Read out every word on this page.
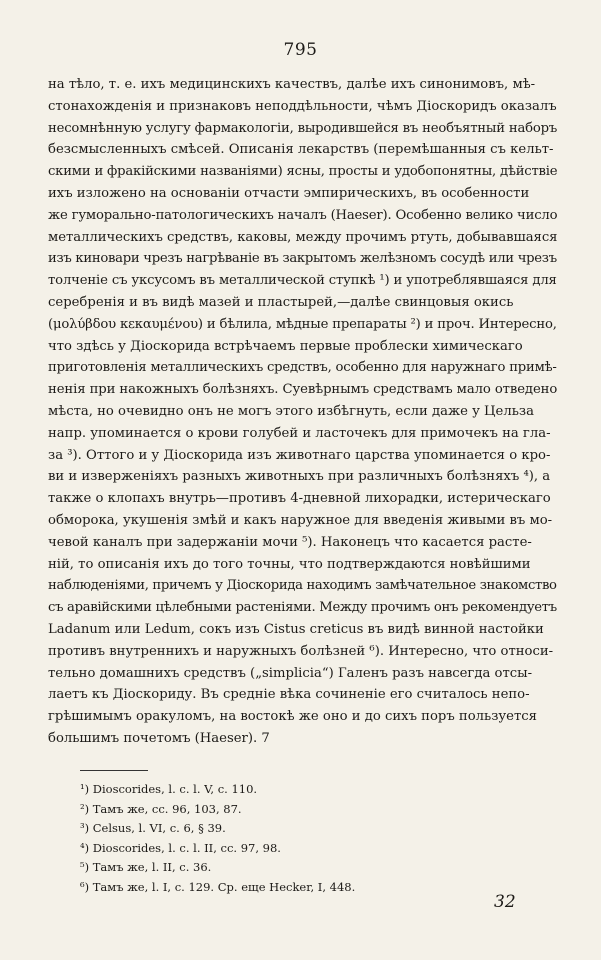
795
на тѣло, т. е. ихъ медицинскихъ качествъ, далѣе ихъ синонимовъ, мѣ-
стонахожденія и признаковъ неподдѣльности, чѣмъ Діоскоридъ оказалъ
несомнѣнную услугу фармакологіи, выродившейся въ необъятный наборъ
безсмысленныхъ смѣсей. Описанія лекарствъ (перемѣшанныя съ кельт-
скими и фракійскими названіями) ясны, просты и удобопонятны, дѣйствіе
ихъ изложено на основаніи отчасти эмпирическихъ, въ особенности
же гуморально-патологическихъ началъ (Haeser). Особенно велико число
металлическихъ средствъ, каковы, между прочимъ ртуть, добывавшаяся
изъ киновари чрезъ нагрѣваніе въ закрытомъ желѣзномъ сосудѣ или чрезъ
толченіе съ уксусомъ въ металлической ступкѣ ¹) и употреблявшаяся для
серебренія и въ видѣ мазей и пластырей,—далѣе свинцовыя окись
(μολύβδου κεκαυμένου) и бѣлила, мѣдные препараты ²) и проч. Интересно,
что здѣсь у Діоскорида встрѣчаемъ первые проблески химическаго
приготовленія металлическихъ средствъ, особенно для наружнаго примѣ-
ненія при накожныхъ болѣзняхъ. Суевѣрнымъ средствамъ мало отведено
мѣста, но очевидно онъ не могъ этого избѣгнуть, если даже у Цельза
напр. упоминается о крови голубей и ласточекъ для примочекъ на гла-
за ³). Оттого и у Діоскорида изъ животнаго царства упоминается о кро-
ви и изверженіяхъ разныхъ животныхъ при различныхъ болѣзняхъ ⁴), а
также о клопахъ внутрь—противъ 4-дневной лихорадки, истерическаго
обморока, укушенія змѣй и какъ наружное для введенія живыми въ мо-
чевой каналъ при задержаніи мочи ⁵). Наконецъ что касается расте-
ній, то описанія ихъ до того точны, что подтверждаются новѣйшими
наблюденіями, причемъ у Діоскорида находимъ замѣчательное знакомство
съ аравійскими цѣлебными растеніями. Между прочимъ онъ рекомендуетъ
Ladanum или Ledum, сокъ изъ Cistus creticus въ видѣ винной настойки
противъ внутреннихъ и наружныхъ болѣзней ⁶). Интересно, что относи-
тельно домашнихъ средствъ („simplicia“) Галенъ разъ навсегда отсы-
лаетъ къ Діоскориду. Въ средніе вѣка сочиненіе его считалось непо-
грѣшимымъ оракуломъ, на востокѣ же оно и до сихъ поръ пользуется
большимъ почетомъ (Haeser). 7
¹) Dioscorides, l. c. l. V, c. 110.
²) Тамъ же, сс. 96, 103, 87.
³) Celsus, l. VI, c. 6, § 39.
⁴) Dioscorides, l. c. l. II, cc. 97, 98.
⁵) Тамъ же, l. II, c. 36.
⁶) Тамъ же, l. I, c. 129. Ср. еще Hecker, I, 448.
32
